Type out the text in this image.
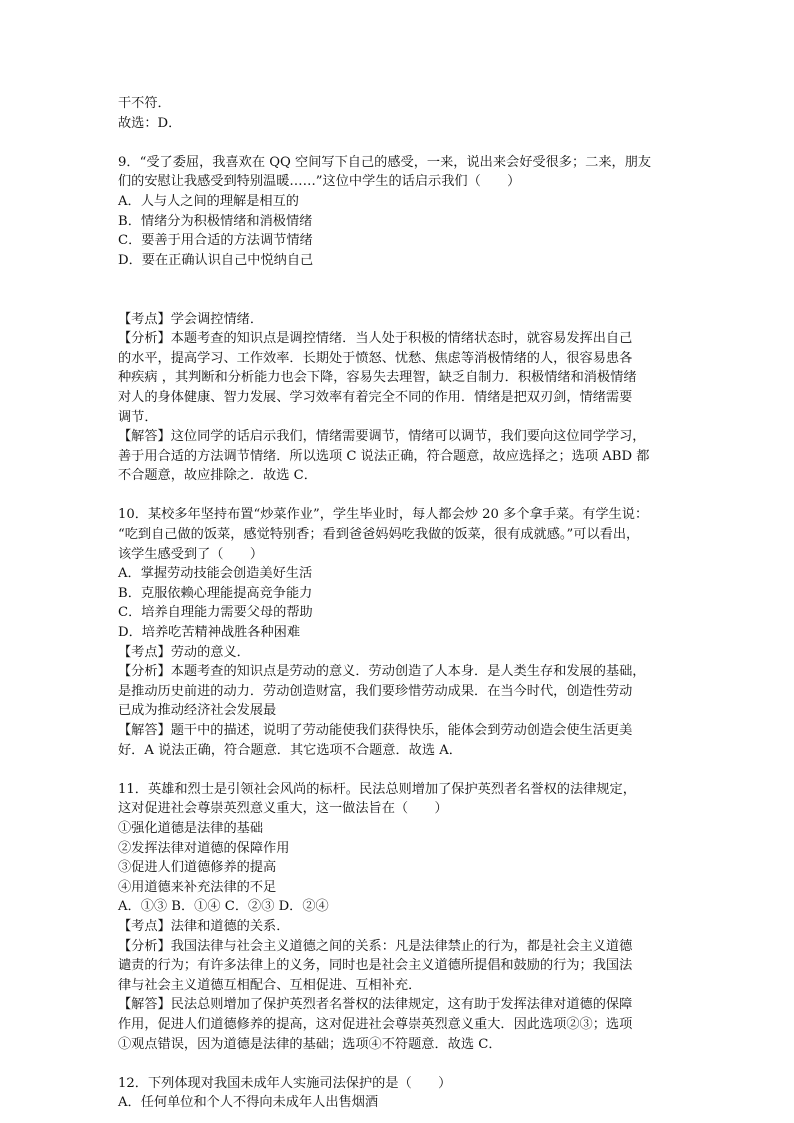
干不符．
故选：D．
9．“受了委屈，我喜欢在 QQ 空间写下自己的感受，一来，说出来会好受很多；二来，朋友
们的安慰让我感受到特别温暖……”这位中学生的话启示我们（　　）
A．人与人之间的理解是相互的
B．情绪分为积极情绪和消极情绪
C．要善于用合适的方法调节情绪
D．要在正确认识自己中悦纳自己
【考点】学会调控情绪．
【分析】本题考查的知识点是调控情绪．当人处于积极的情绪状态时，就容易发挥出自己
的水平，提高学习、工作效率．长期处于愤怒、忧愁、焦虑等消极情绪的人，很容易患各
种疾病 ，其判断和分析能力也会下降，容易失去理智，缺乏自制力．积极情绪和消极情绪
对人的身体健康、智力发展、学习效率有着完全不同的作用．情绪是把双刃剑，情绪需要
调节．
【解答】这位同学的话启示我们，情绪需要调节，情绪可以调节，我们要向这位同学学习，
善于用合适的方法调节情绪．所以选项 C 说法正确，符合题意，故应选择之；选项 ABD 都
不合题意，故应排除之．故选 C．
10．某校多年坚持布置“炒菜作业”，学生毕业时，每人都会炒 20 多个拿手菜。有学生说：
“吃到自己做的饭菜，感觉特别香；看到爸爸妈妈吃我做的饭菜，很有成就感。”可以看出，
该学生感受到了（　　）
A．掌握劳动技能会创造美好生活
B．克服依赖心理能提高竞争能力
C．培养自理能力需要父母的帮助
D．培养吃苦精神战胜各种困难
【考点】劳动的意义．
【分析】本题考查的知识点是劳动的意义．劳动创造了人本身．是人类生存和发展的基础，
是推动历史前进的动力．劳动创造财富，我们要珍惜劳动成果．在当今时代，创造性劳动
已成为推动经济社会发展最
【解答】题干中的描述，说明了劳动能使我们获得快乐，能体会到劳动创造会使生活更美
好．A 说法正确，符合题意．其它选项不合题意．故选 A．
11．英雄和烈士是引领社会风尚的标杆。民法总则增加了保护英烈者名誉权的法律规定，
这对促进社会尊崇英烈意义重大，这一做法旨在（　　）
①强化道德是法律的基础
②发挥法律对道德的保障作用
③促进人们道德修养的提高
④用道德来补充法律的不足
A．①③ B．①④ C．②③ D．②④
【考点】法律和道德的关系．
【分析】我国法律与社会主义道德之间的关系：凡是法律禁止的行为，都是社会主义道德
谴责的行为；有许多法律上的义务，同时也是社会主义道德所提倡和鼓励的行为；我国法
律与社会主义道德互相配合、互相促进、互相补充．
【解答】民法总则增加了保护英烈者名誉权的法律规定，这有助于发挥法律对道德的保障
作用，促进人们道德修养的提高，这对促进社会尊崇英烈意义重大．因此选项②③；选项
①观点错误，因为道德是法律的基础；选项④不符题意．故选 C．
12．下列体现对我国未成年人实施司法保护的是（　　）
A．任何单位和个人不得向未成年人出售烟酒
